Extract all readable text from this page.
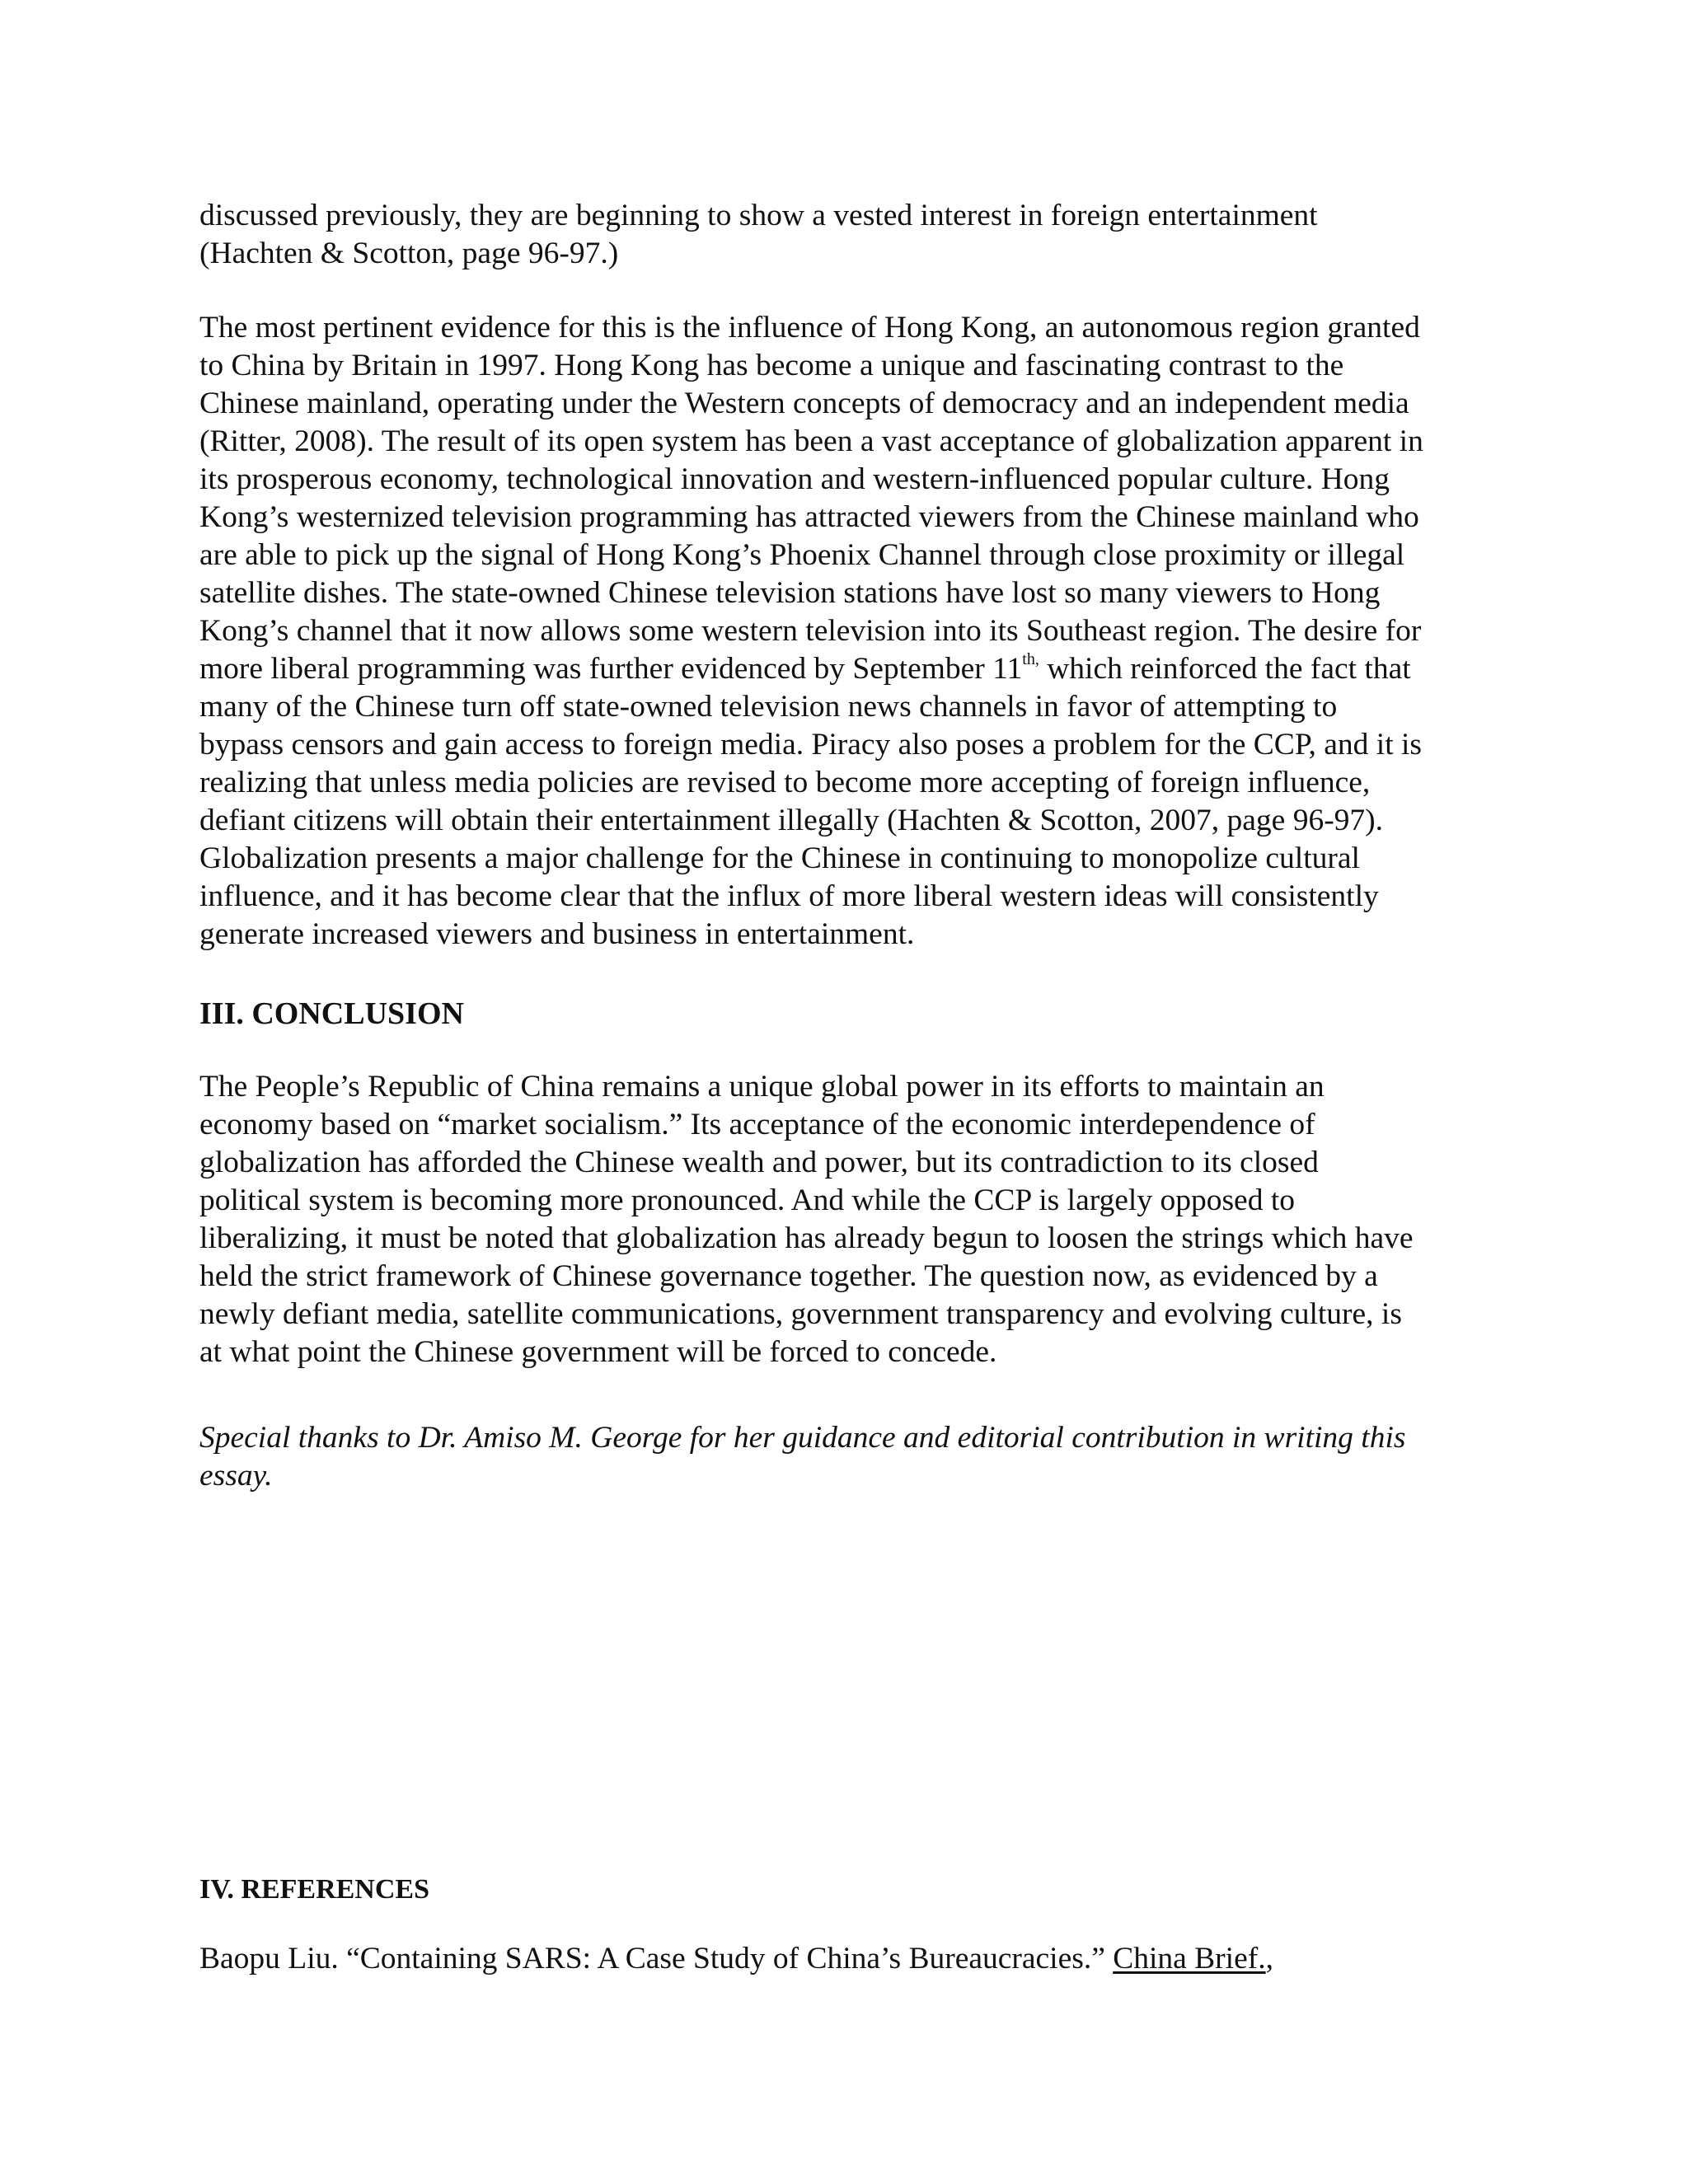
discussed previously, they are beginning to show a vested interest in foreign entertainment
(Hachten & Scotton, page 96-97.)

The most pertinent evidence for this is the influence of Hong Kong, an autonomous region granted
to China by Britain in 1997. Hong Kong has become a unique and fascinating contrast to the
Chinese mainland, operating under the Western concepts of democracy and an independent media
(Ritter, 2008). The result of its open system has been a vast acceptance of globalization apparent in
its prosperous economy, technological innovation and western-influenced popular culture. Hong
Kong’s westernized television programming has attracted viewers from the Chinese mainland who
are able to pick up the signal of Hong Kong’s Phoenix Channel through close proximity or illegal
satellite dishes. The state-owned Chinese television stations have lost so many viewers to Hong
Kong’s channel that it now allows some western television into its Southeast region. The desire for
more liberal programming was further evidenced by September $11^{th,}$ which reinforced the fact that
many of the Chinese turn off state-owned television news channels in favor of attempting to
bypass censors and gain access to foreign media. Piracy also poses a problem for the CCP, and it is
realizing that unless media policies are revised to become more accepting of foreign influence,
defiant citizens will obtain their entertainment illegally (Hachten & Scotton, 2007, page 96-97).
Globalization presents a major challenge for the Chinese in continuing to monopolize cultural
influence, and it has become clear that the influx of more liberal western ideas will consistently
generate increased viewers and business in entertainment.

III. CONCLUSION

The People’s Republic of China remains a unique global power in its efforts to maintain an
economy based on “market socialism.” Its acceptance of the economic interdependence of
globalization has afforded the Chinese wealth and power, but its contradiction to its closed
political system is becoming more pronounced. And while the CCP is largely opposed to
liberalizing, it must be noted that globalization has already begun to loosen the strings which have
held the strict framework of Chinese governance together. The question now, as evidenced by a
newly defiant media, satellite communications, government transparency and evolving culture, is
at what point the Chinese government will be forced to concede.

Special thanks to Dr. Amiso M. George for her guidance and editorial contribution in writing this
essay.

IV. REFERENCES

Baopu Liu. “Containing SARS: A Case Study of China’s Bureaucracies.” China Brief.,
